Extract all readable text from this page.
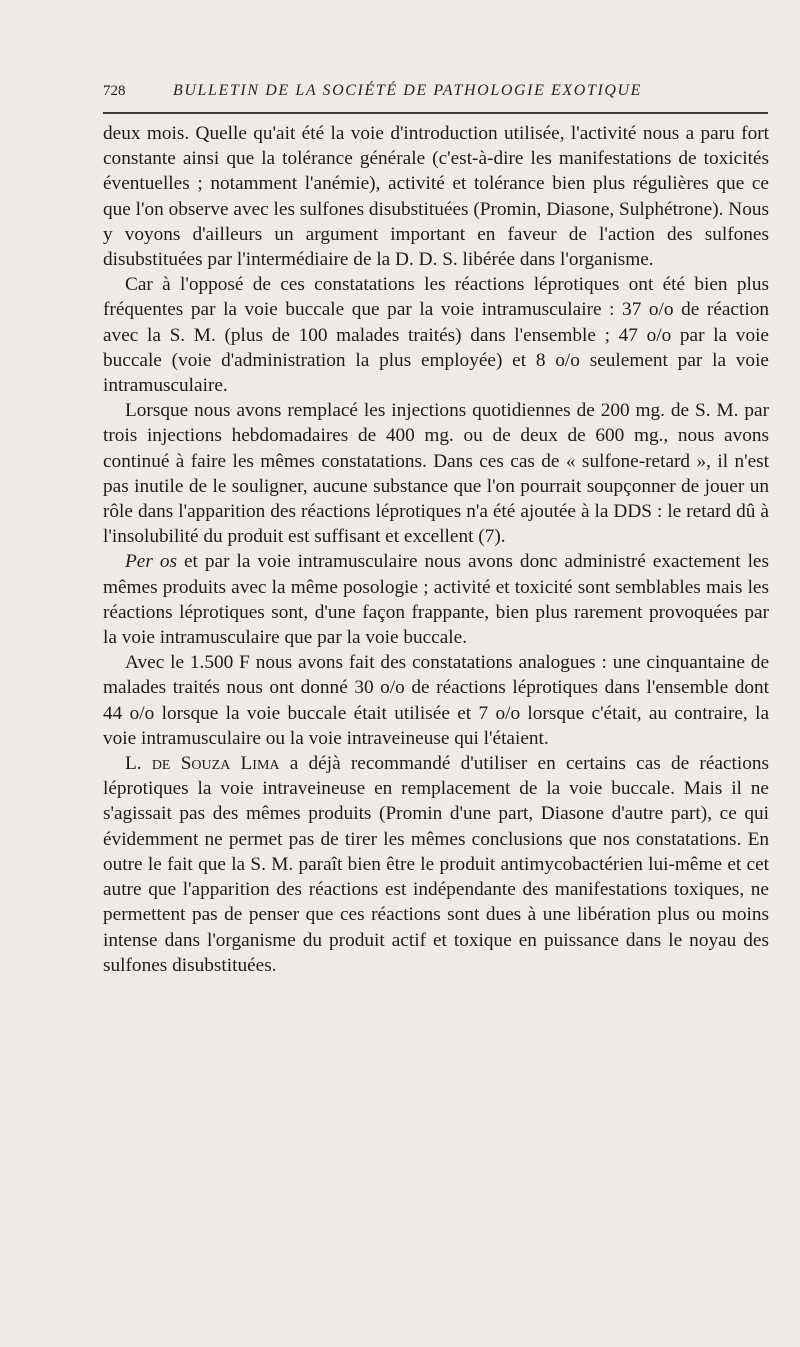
728	BULLETIN DE LA SOCIÉTÉ DE PATHOLOGIE EXOTIQUE

deux mois. Quelle qu'ait été la voie d'introduction utilisée, l'activité nous a paru fort constante ainsi que la tolérance générale (c'est-à-dire les manifestations de toxicités éventuelles ; notamment l'anémie), activité et tolérance bien plus régulières que ce que l'on observe avec les sulfones disubstituées (Promin, Diasone, Sulphétrone). Nous y voyons d'ailleurs un argument important en faveur de l'action des sulfones disubstituées par l'intermédiaire de la D. D. S. libérée dans l'organisme.

Car à l'opposé de ces constatations les réactions léprotiques ont été bien plus fréquentes par la voie buccale que par la voie intramusculaire : 37 o/o de réaction avec la S. M. (plus de 100 malades traités) dans l'ensemble ; 47 o/o par la voie buccale (voie d'administration la plus employée) et 8 o/o seulement par la voie intramusculaire.

Lorsque nous avons remplacé les injections quotidiennes de 200 mg. de S. M. par trois injections hebdomadaires de 400 mg. ou de deux de 600 mg., nous avons continué à faire les mêmes constatations. Dans ces cas de « sulfone-retard », il n'est pas inutile de le souligner, aucune substance que l'on pourrait soupçonner de jouer un rôle dans l'apparition des réactions léprotiques n'a été ajoutée à la DDS : le retard dû à l'insolubilité du produit est suffisant et excellent (7).

Per os et par la voie intramusculaire nous avons donc administré exactement les mêmes produits avec la même posologie ; activité et toxicité sont semblables mais les réactions léprotiques sont, d'une façon frappante, bien plus rarement provoquées par la voie intramusculaire que par la voie buccale.

Avec le 1.500 F nous avons fait des constatations analogues : une cinquantaine de malades traités nous ont donné 30 o/o de réactions léprotiques dans l'ensemble dont 44 o/o lorsque la voie buccale était utilisée et 7 o/o lorsque c'était, au contraire, la voie intramusculaire ou la voie intraveineuse qui l'étaient.

L. de Souza Lima a déjà recommandé d'utiliser en certains cas de réactions léprotiques la voie intraveineuse en remplacement de la voie buccale. Mais il ne s'agissait pas des mêmes produits (Promin d'une part, Diasone d'autre part), ce qui évidemment ne permet pas de tirer les mêmes conclusions que nos constatations. En outre le fait que la S. M. paraît bien être le produit antimycobactérien lui-même et cet autre que l'apparition des réactions est indépendante des manifestations toxiques, ne permettent pas de penser que ces réactions sont dues à une libération plus ou moins intense dans l'organisme du produit actif et toxique en puissance dans le noyau des sulfones disubstituées.
